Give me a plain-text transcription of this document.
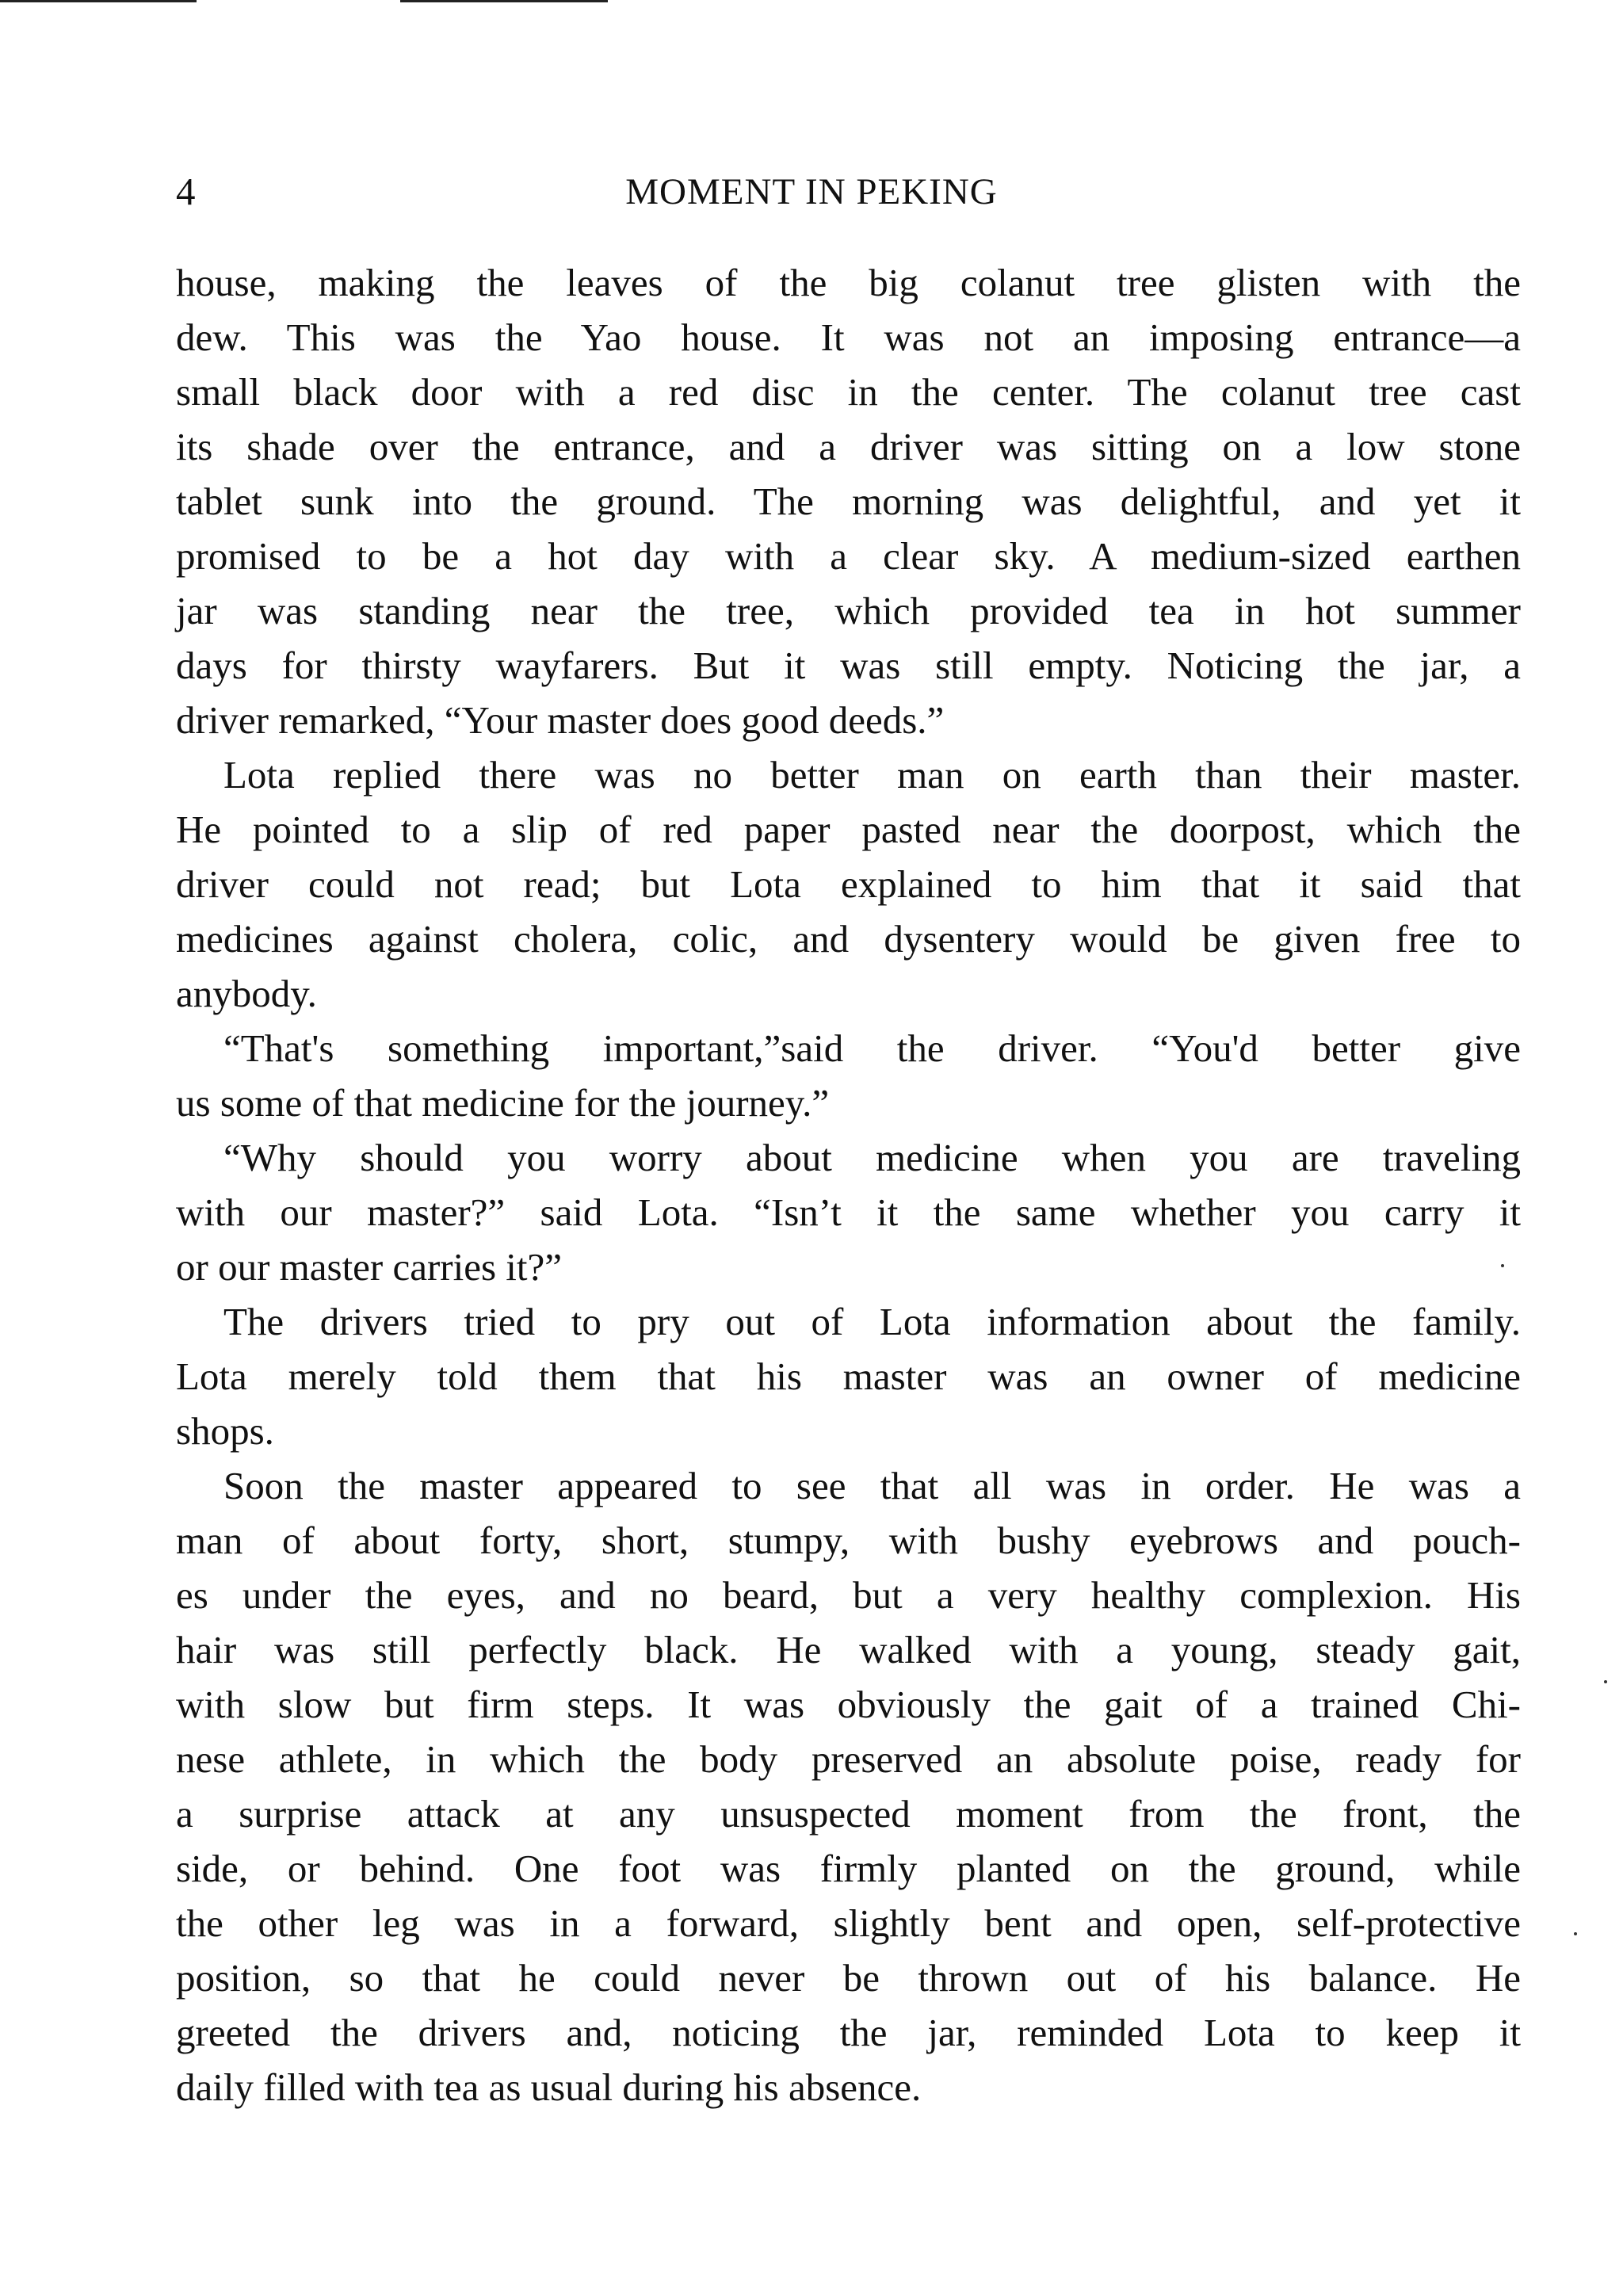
4	MOMENT IN PEKING
house, making the leaves of the big colanut tree glisten with the
dew. This was the Yao house. It was not an imposing entrance—a
small black door with a red disc in the center. The colanut tree cast
its shade over the entrance, and a driver was sitting on a low stone
tablet sunk into the ground. The morning was delightful, and yet it
promised to be a hot day with a clear sky. A medium-sized earthen
jar was standing near the tree, which provided tea in hot summer
days for thirsty wayfarers. But it was still empty. Noticing the jar, a
driver remarked, “Your master does good deeds.”
Lota replied there was no better man on earth than their master.
He pointed to a slip of red paper pasted near the doorpost, which the
driver could not read; but Lota explained to him that it said that
medicines against cholera, colic, and dysentery would be given free to
anybody.
“That's something important,”said the driver. “You'd better give
us some of that medicine for the journey.”
“Why should you worry about medicine when you are traveling
with our master?” said Lota. “Isn’t it the same whether you carry it
or our master carries it?”
The drivers tried to pry out of Lota information about the family.
Lota merely told them that his master was an owner of medicine
shops.
Soon the master appeared to see that all was in order. He was a
man of about forty, short, stumpy, with bushy eyebrows and pouch-
es under the eyes, and no beard, but a very healthy complexion. His
hair was still perfectly black. He walked with a young, steady gait,
with slow but firm steps. It was obviously the gait of a trained Chi-
nese athlete, in which the body preserved an absolute poise, ready for
a surprise attack at any unsuspected moment from the front, the
side, or behind. One foot was firmly planted on the ground, while
the other leg was in a forward, slightly bent and open, self-protective
position, so that he could never be thrown out of his balance. He
greeted the drivers and, noticing the jar, reminded Lota to keep it
daily filled with tea as usual during his absence.
